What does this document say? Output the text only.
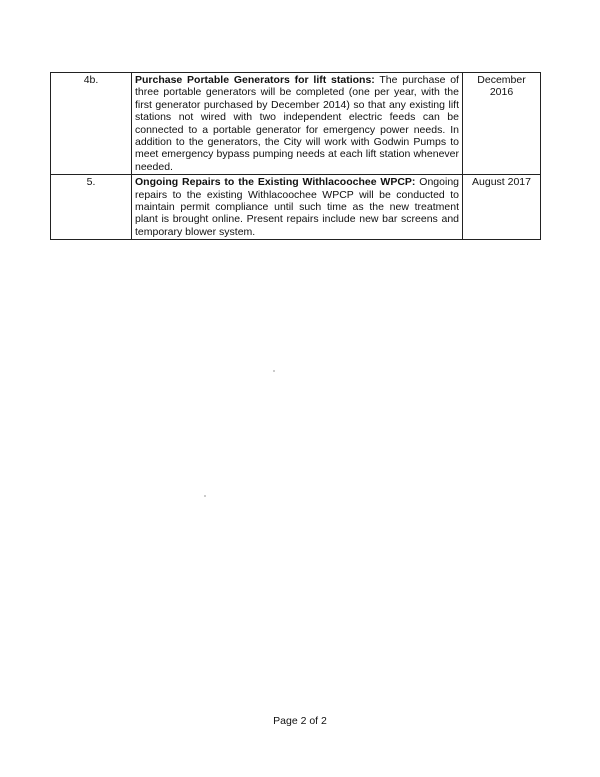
4b.	Purchase Portable Generators for lift stations: The purchase of three portable generators will be completed (one per year, with the first generator purchased by December 2014) so that any existing lift stations not wired with two independent electric feeds can be connected to a portable generator for emergency power needs. In addition to the generators, the City will work with Godwin Pumps to meet emergency bypass pumping needs at each lift station whenever needed.	December 2016
5.	Ongoing Repairs to the Existing Withlacoochee WPCP: Ongoing repairs to the existing Withlacoochee WPCP will be conducted to maintain permit compliance until such time as the new treatment plant is brought online. Present repairs include new bar screens and temporary blower system.	August 2017
Page 2 of 2
